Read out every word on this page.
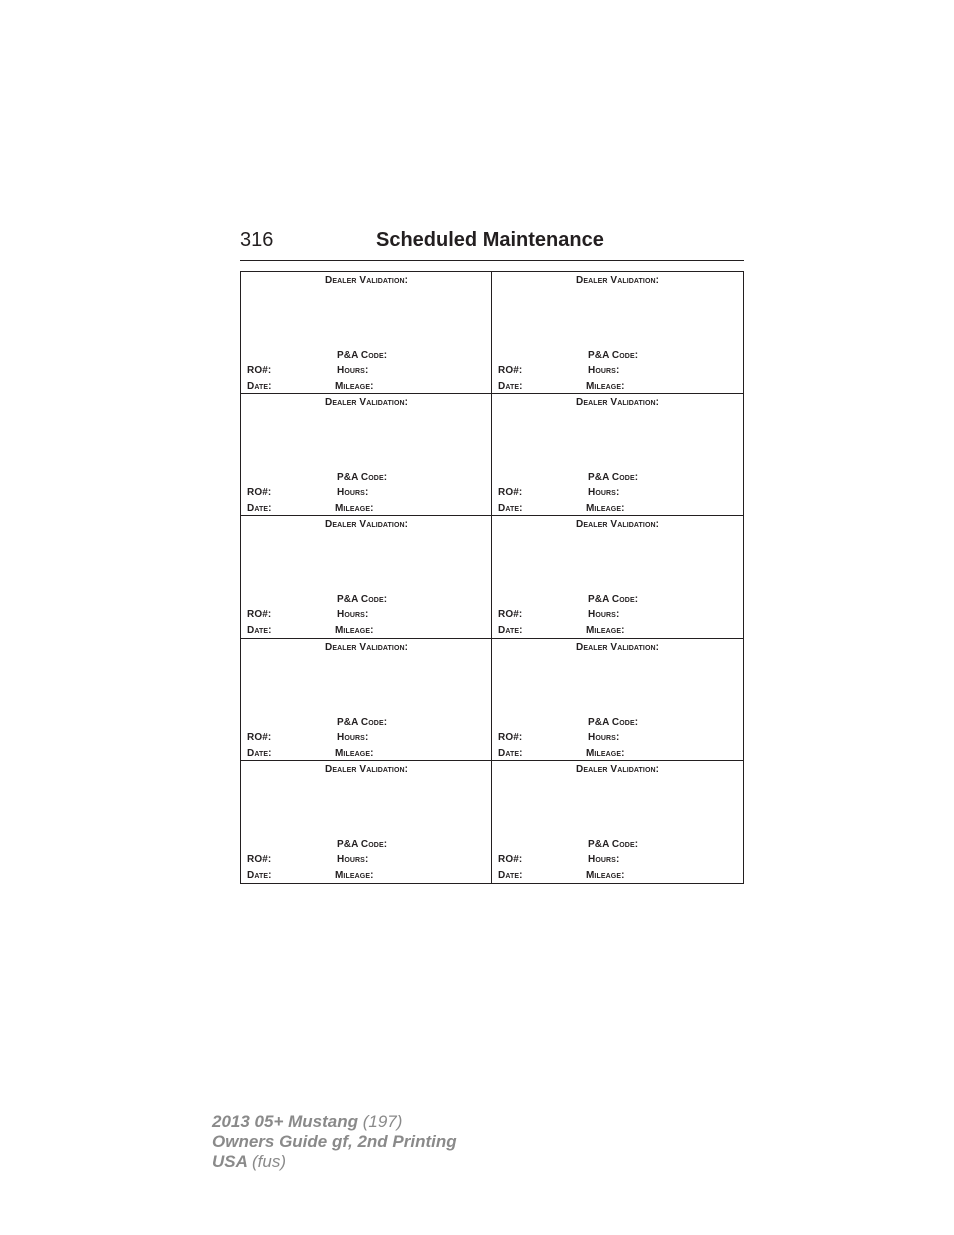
316	Scheduled Maintenance
Dealer Validation:
P&A Code:
RO#:	Hours:
Date:	Mileage:
Dealer Validation:
P&A Code:
RO#:	Hours:
Date:	Mileage:
Dealer Validation:
P&A Code:
RO#:	Hours:
Date:	Mileage:
Dealer Validation:
P&A Code:
RO#:	Hours:
Date:	Mileage:
Dealer Validation:
P&A Code:
RO#:	Hours:
Date:	Mileage:
Dealer Validation:
P&A Code:
RO#:	Hours:
Date:	Mileage:
Dealer Validation:
P&A Code:
RO#:	Hours:
Date:	Mileage:
Dealer Validation:
P&A Code:
RO#:	Hours:
Date:	Mileage:
Dealer Validation:
P&A Code:
RO#:	Hours:
Date:	Mileage:
Dealer Validation:
P&A Code:
RO#:	Hours:
Date:	Mileage:
2013 05+ Mustang (197)
Owners Guide gf, 2nd Printing
USA (fus)
